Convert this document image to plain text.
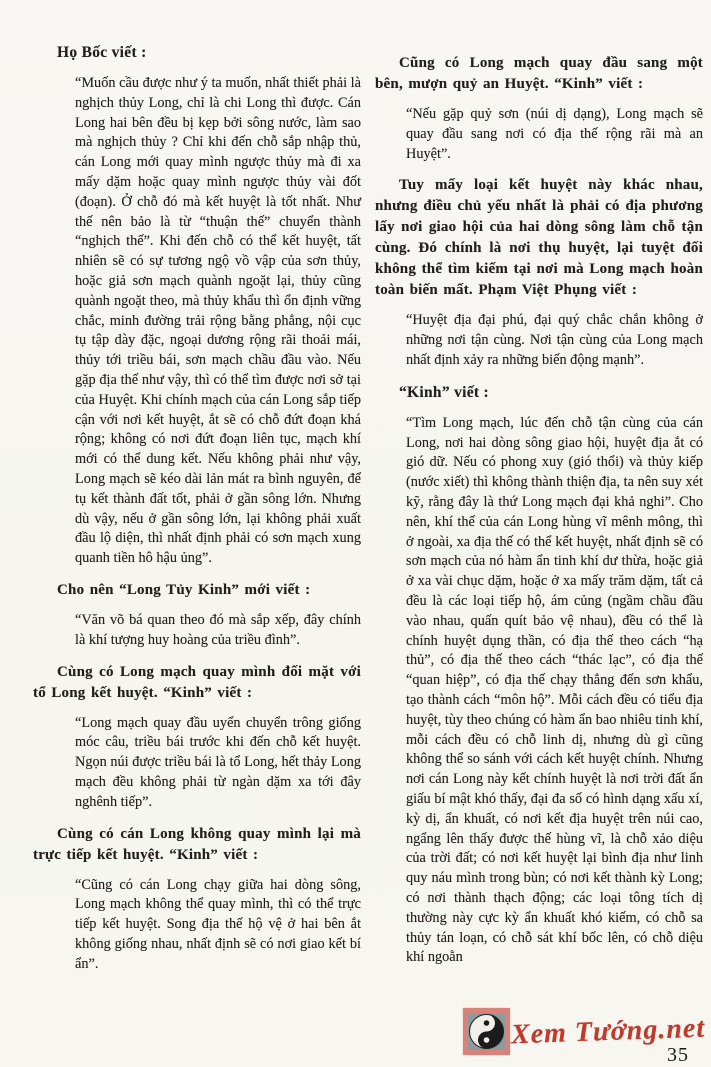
Họ Bốc viết :

“Muốn cầu được như ý ta muốn, nhất thiết phải là nghịch thủy Long, chỉ là chi Long thì được. Cán Long hai bên đều bị kẹp bởi sông nước, làm sao mà nghịch thủy ? Chỉ khi đến chỗ sắp nhập thủ, cán Long mới quay mình ngược thủy mà đi xa mấy dặm hoặc quay mình ngược thủy vài đốt (đoạn). Ở chỗ đó mà kết huyệt là tốt nhất. Như thế nên bảo là từ “thuận thế” chuyển thành “nghịch thế”. Khi đến chỗ có thể kết huyệt, tất nhiên sẽ có sự tương ngộ vồ vập của sơn thủy, hoặc giả sơn mạch quành ngoặt lại, thủy cũng quành ngoặt theo, mà thủy khẩu thì ổn định vững chắc, minh đường trải rộng bằng phẳng, nội cục tụ tập dày đặc, ngoại dương rộng rãi thoải mái, thủy tới triều bái, sơn mạch chầu đầu vào. Nếu gặp địa thế như vậy, thì có thể tìm được nơi sở tại của Huyệt. Khi chính mạch của cán Long sắp tiếp cận với nơi kết huyệt, ắt sẽ có chỗ đứt đoạn khá rộng; không có nơi đứt đoạn liên tục, mạch khí mới có thể dung kết. Nếu không phải như vậy, Long mạch sẽ kéo dài lản mát ra bình nguyên, để tụ kết thành đất tốt, phải ở gần sông lớn. Nhưng dù vậy, nếu ở gần sông lớn, lại không phải xuất đầu lộ diện, thì nhất định phải có sơn mạch xung quanh tiền hô hậu ủng”.

Cho nên “Long Tủy Kinh” mới viết :

“Văn võ bá quan theo đó mà sắp xếp, đây chính là khí tượng huy hoàng của triều đình”.

Cùng có Long mạch quay mình đối mặt với tổ Long kết huyệt. “Kinh” viết :

“Long mạch quay đầu uyển chuyển trông giống móc câu, triều bái trước khi đến chỗ kết huyệt. Ngọn núi được triều bái là tổ Long, hết thảy Long mạch đều không phải từ ngàn dặm xa tới đây nghênh tiếp”.

Cùng có cán Long không quay mình lại mà trực tiếp kết huyệt. “Kinh” viết :

“Cũng có cán Long chạy giữa hai dòng sông, Long mạch không thể quay mình, thì có thể trực tiếp kết huyệt. Song địa thế hộ vệ ở hai bên ắt không giống nhau, nhất định sẽ có nơi giao kết bí ẩn”.

Cũng có Long mạch quay đầu sang một bên, mượn quỷ an Huyệt. “Kinh” viết :

“Nếu gặp quỷ sơn (núi dị dạng), Long mạch sẽ quay đầu sang nơi có địa thế rộng rãi mà an Huyệt”.

Tuy mấy loại kết huyệt này khác nhau, nhưng điều chủ yếu nhất là phải có địa phương lấy nơi giao hội của hai dòng sông làm chỗ tận cùng. Đó chính là nơi thụ huyệt, lại tuyệt đối không thể tìm kiếm tại nơi mà Long mạch hoàn toàn biến mất. Phạm Việt Phụng viết :

“Huyệt địa đại phú, đại quý chắc chắn không ở những nơi tận cùng. Nơi tận cùng của Long mạch nhất định xảy ra những biến động mạnh”.

“Kinh” viết :

“Tìm Long mạch, lúc đến chỗ tận cùng của cán Long, nơi hai dòng sông giao hội, huyệt địa ắt có gió dữ. Nếu có phong xuy (gió thổi) và thủy kiếp (nước xiết) thì không thành thiện địa, ta nên suy xét kỹ, rằng đây là thứ Long mạch đại khả nghi”. Cho nên, khí thế của cán Long hùng vĩ mênh mông, thì ở ngoài, xa địa thế có thể kết huyệt, nhất định sẽ có sơn mạch của nó hàm ẩn tinh khí dư thừa, hoặc giả ở xa vài chục dặm, hoặc ở xa mấy trăm dặm, tất cả đều là các loại tiếp hộ, ám củng (ngầm chầu đầu vào nhau, quấn quít bảo vệ nhau), đều có thể là chính huyệt dụng thần, có địa thế theo cách “hạ thủ”, có địa thế theo cách “thác lạc”, có địa thế “quan hiệp”, có địa thế chạy thẳng đến sơn khẩu, tạo thành cách “môn hộ”. Mỗi cách đều có tiểu địa huyệt, tùy theo chúng có hàm ẩn bao nhiêu tinh khí, mỗi cách đều có chỗ linh dị, nhưng dù gì cũng không thể so sánh với cách kết huyệt chính. Nhưng nơi cán Long này kết chính huyệt là nơi trời đất ẩn giấu bí mật khó thấy, đại đa số có hình dạng xấu xí, kỳ dị, ẩn khuất, có nơi kết địa huyệt trên núi cao, ngẩng lên thấy được thế hùng vĩ, là chỗ xảo diệu của trời đất; có nơi kết huyệt lại bình địa như linh quy náu mình trong bùn; có nơi kết thành kỳ Long; có nơi thành thạch động; các loại tông tích dị thường này cực kỳ ẩn khuất khó kiếm, có chỗ sa thủy tán loạn, có chỗ sát khí bốc lên, có chỗ diệu khí ngoằn

Xem Tướng.net
35
